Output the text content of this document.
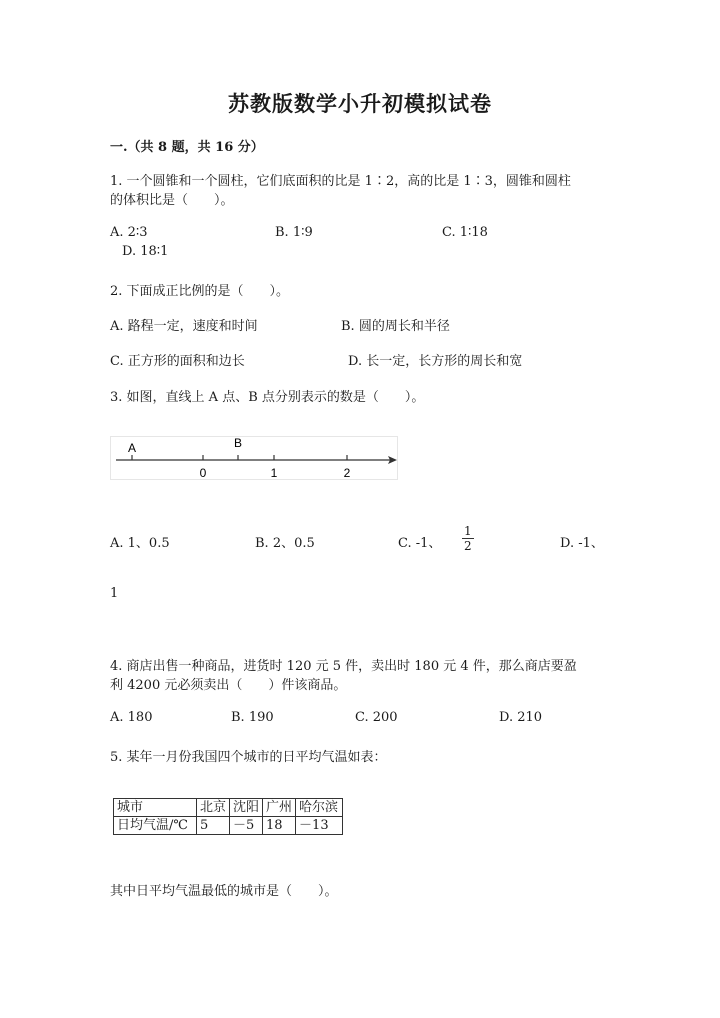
苏教版数学小升初模拟试卷
一.（共 8 题，共 16 分）
1. 一个圆锥和一个圆柱，它们底面积的比是 1∶2，高的比是 1∶3，圆锥和圆柱
的体积比是（　　）。
A. 2∶3	B. 1∶9	C. 1∶18
D. 18∶1
2. 下面成正比例的是（　　）。
A. 路程一定，速度和时间	B. 圆的周长和半径
C. 正方形的面积和边长	D. 长一定，长方形的周长和宽
3. 如图，直线上 A 点、B 点分别表示的数是（　　）。
A	B
0	1	2
A. 1、0.5	B. 2、0.5	C. -1、 $\frac{1}{2}$	D. -1、
1
4. 商店出售一种商品，进货时 120 元 5 件，卖出时 180 元 4 件，那么商店要盈
利 4200 元必须卖出（　　）件该商品。
A. 180	B. 190	C. 200	D. 210
5. 某年一月份我国四个城市的日平均气温如表：
城市	北京	沈阳	广州	哈尔滨
日均气温/℃	5	－5	18	－13
其中日平均气温最低的城市是（　　）。
